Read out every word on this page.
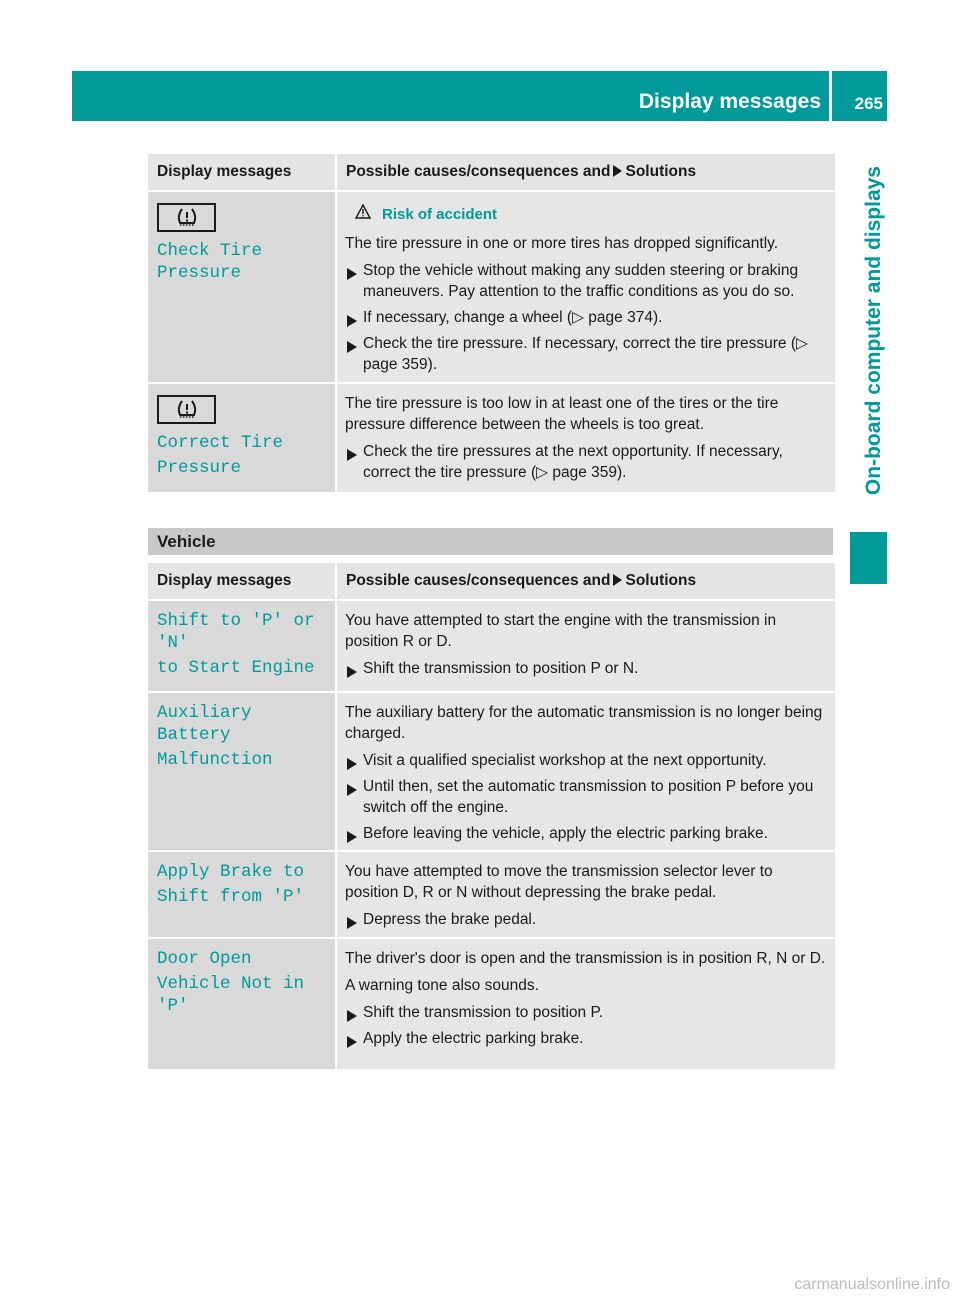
Display messages 265
On-board computer and displays
Display messages	Possible causes/consequences and Solutions
Check Tire Pressure
Risk of accident

The tire pressure in one or more tires has dropped significantly.

Stop the vehicle without making any sudden steering or braking maneuvers. Pay attention to the traffic conditions as you do so.
If necessary, change a wheel (▷ page 374).
Check the tire pressure. If necessary, correct the tire pressure (▷ page 359).
Correct Tire
Pressure

The tire pressure is too low in at least one of the tires or the tire pressure difference between the wheels is too great.

Check the tire pressures at the next opportunity. If necessary, correct the tire pressure (▷ page 359).
Vehicle
Display messages	Possible causes/consequences and Solutions
Shift to 'P' or 'N'
to Start Engine

You have attempted to start the engine with the transmission in position R or D.

Shift the transmission to position P or N.
Auxiliary Battery
Malfunction

The auxiliary battery for the automatic transmission is no longer being charged.

Visit a qualified specialist workshop at the next opportunity.
Until then, set the automatic transmission to position P before you switch off the engine.
Before leaving the vehicle, apply the electric parking brake.
Apply Brake to
Shift from 'P'

You have attempted to move the transmission selector lever to position D, R or N without depressing the brake pedal.

Depress the brake pedal.
Door Open
Vehicle Not in 'P'

The driver's door is open and the transmission is in position R, N or D.

A warning tone also sounds.

Shift the transmission to position P.
Apply the electric parking brake.
carmanualsonline.info
